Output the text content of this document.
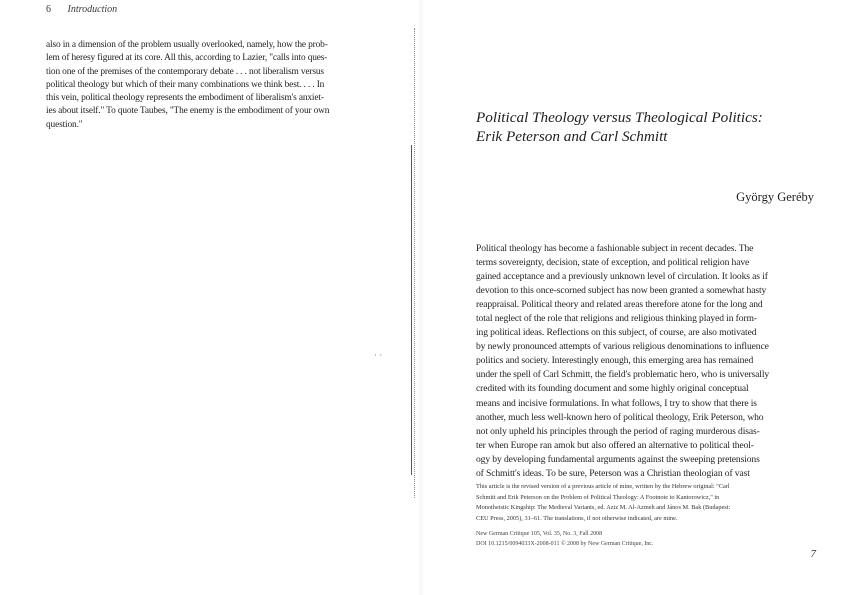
6 Introduction
also in a dimension of the problem usually overlooked, namely, how the prob-
lem of heresy figured at its core. All this, according to Lazier, "calls into ques-
tion one of the premises of the contemporary debate . . . not liberalism versus
political theology but which of their many combinations we think best. . . . In
this vein, political theology represents the embodiment of liberalism's anxiet-
ies about itself." To quote Taubes, "The enemy is the embodiment of your own
question."
· ·
Political Theology versus Theological Politics:
Erik Peterson and Carl Schmitt
György Geréby
Political theology has become a fashionable subject in recent decades. The
terms sovereignty, decision, state of exception, and political religion have
gained acceptance and a previously unknown level of circulation. It looks as if
devotion to this once-scorned subject has now been granted a somewhat hasty
reappraisal. Political theory and related areas therefore atone for the long and
total neglect of the role that religions and religious thinking played in form-
ing political ideas. Reflections on this subject, of course, are also motivated
by newly pronounced attempts of various religious denominations to influence
politics and society. Interestingly enough, this emerging area has remained
under the spell of Carl Schmitt, the field's problematic hero, who is universally
credited with its founding document and some highly original conceptual
means and incisive formulations. In what follows, I try to show that there is
another, much less well-known hero of political theology, Erik Peterson, who
not only upheld his principles through the period of raging murderous disas-
ter when Europe ran amok but also offered an alternative to political theol-
ogy by developing fundamental arguments against the sweeping pretensions
of Schmitt's ideas. To be sure, Peterson was a Christian theologian of vast
This article is the revised version of a previous article of mine, written by the Hebrew original: "Carl
Schmitt and Erik Peterson on the Problem of Political Theology: A Footnote to Kantorowicz," in
Monotheistic Kingship: The Medieval Variants, ed. Aziz M. Al-Azmeh and János M. Bak (Budapest:
CEU Press, 2005), 31–61. The translations, if not otherwise indicated, are mine.
New German Critique 105, Vol. 35, No. 3, Fall 2008
DOI 10.1215/0094033X-2008-011 © 2008 by New German Critique, Inc.
7
